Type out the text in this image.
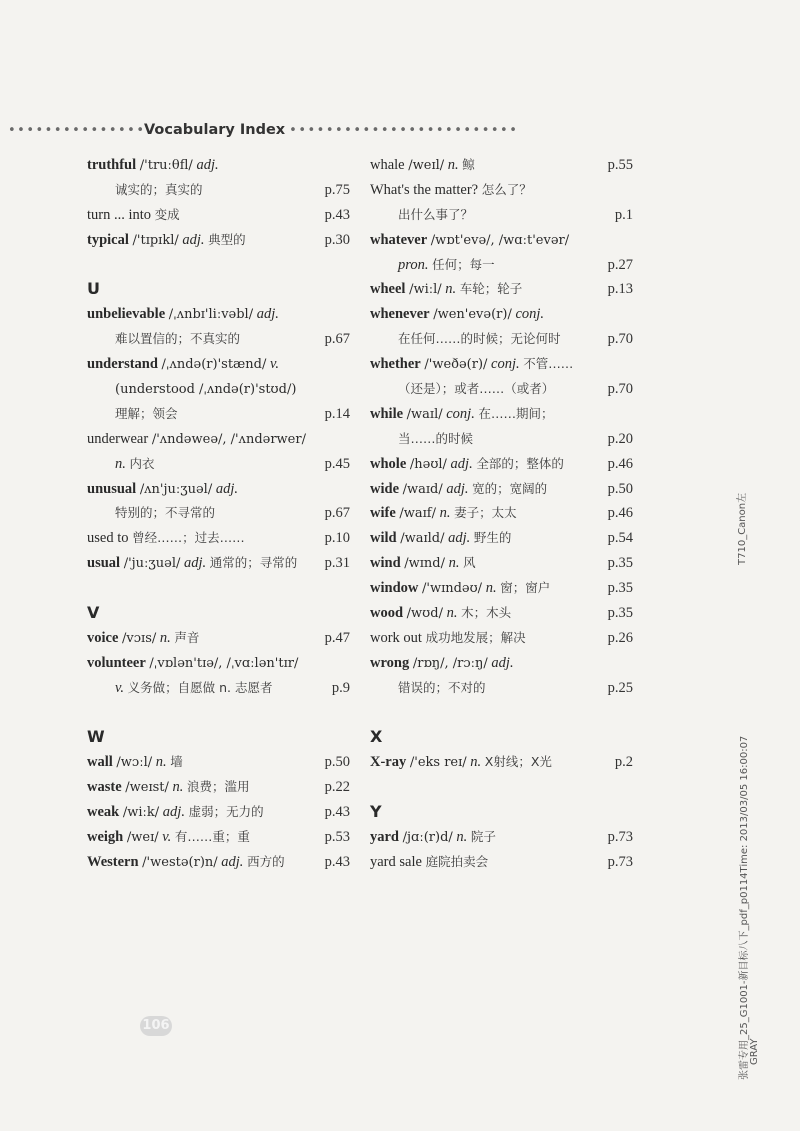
•••••••••••••••
Vocabulary Index •••••••••••••••••••••••••
truthful /'truːθfl/ adj.
诚实的；真实的	p.75
turn ... into 变成	p.43
typical /'tɪpɪkl/ adj. 典型的	p.30
U
unbelievable /ˌʌnbɪ'liːvəbl/ adj.
难以置信的；不真实的	p.67
understand /ˌʌndə(r)'stænd/ v.
(understood /ˌʌndə(r)'stʊd/)
理解；领会	p.14
underwear /'ʌndəweə/, /'ʌndərwer/
n. 内衣	p.45
unusual /ʌn'juːʒuəl/ adj.
特别的；不寻常的	p.67
used to 曾经……；过去……	p.10
usual /'juːʒuəl/ adj. 通常的；寻常的 p.31
V
voice /vɔɪs/ n. 声音	p.47
volunteer /ˌvɒlən'tɪə/, /ˌvɑːlən'tɪr/
v. 义务做；自愿做 n. 志愿者	p.9
W
wall /wɔːl/ n. 墙	p.50
waste /weɪst/ n. 浪费；滥用	p.22
weak /wiːk/ adj. 虚弱；无力的	p.43
weigh /weɪ/ v. 有……重；重	p.53
Western /'westə(r)n/ adj. 西方的	p.43
whale /weɪl/ n. 鲸	p.55
What's the matter? 怎么了？
出什么事了？	p.1
whatever /wɒt'evə/, /wɑːt'evər/
pron. 任何；每一	p.27
wheel /wiːl/ n. 车轮；轮子	p.13
whenever /wen'evə(r)/ conj.
在任何……的时候；无论何时	p.70
whether /'weðə(r)/ conj. 不管……
（还是）；或者……（或者）	p.70
while /waɪl/ conj. 在……期间；
当……的时候	p.20
whole /həʊl/ adj. 全部的；整体的	p.46
wide /waɪd/ adj. 宽的；宽阔的	p.50
wife /waɪf/ n. 妻子；太太	p.46
wild /waɪld/ adj. 野生的	p.54
wind /wɪnd/ n. 风	p.35
window /'wɪndəʊ/ n. 窗；窗户	p.35
wood /wʊd/ n. 木；木头	p.35
work out 成功地发展；解决	p.26
wrong /rɒŋ/, /rɔːŋ/ adj.
错误的；不对的	p.25
X
X-ray /'eks reɪ/ n. X射线；X光	p.2
Y
yard /jɑː(r)d/ n. 院子	p.73
yard sale 庭院拍卖会	p.73
106
T710_Canon左
张雷专用_25_G1001-新目标八下_pdf_p0114Time: 2013/03/05 16:00:07 GRAY
